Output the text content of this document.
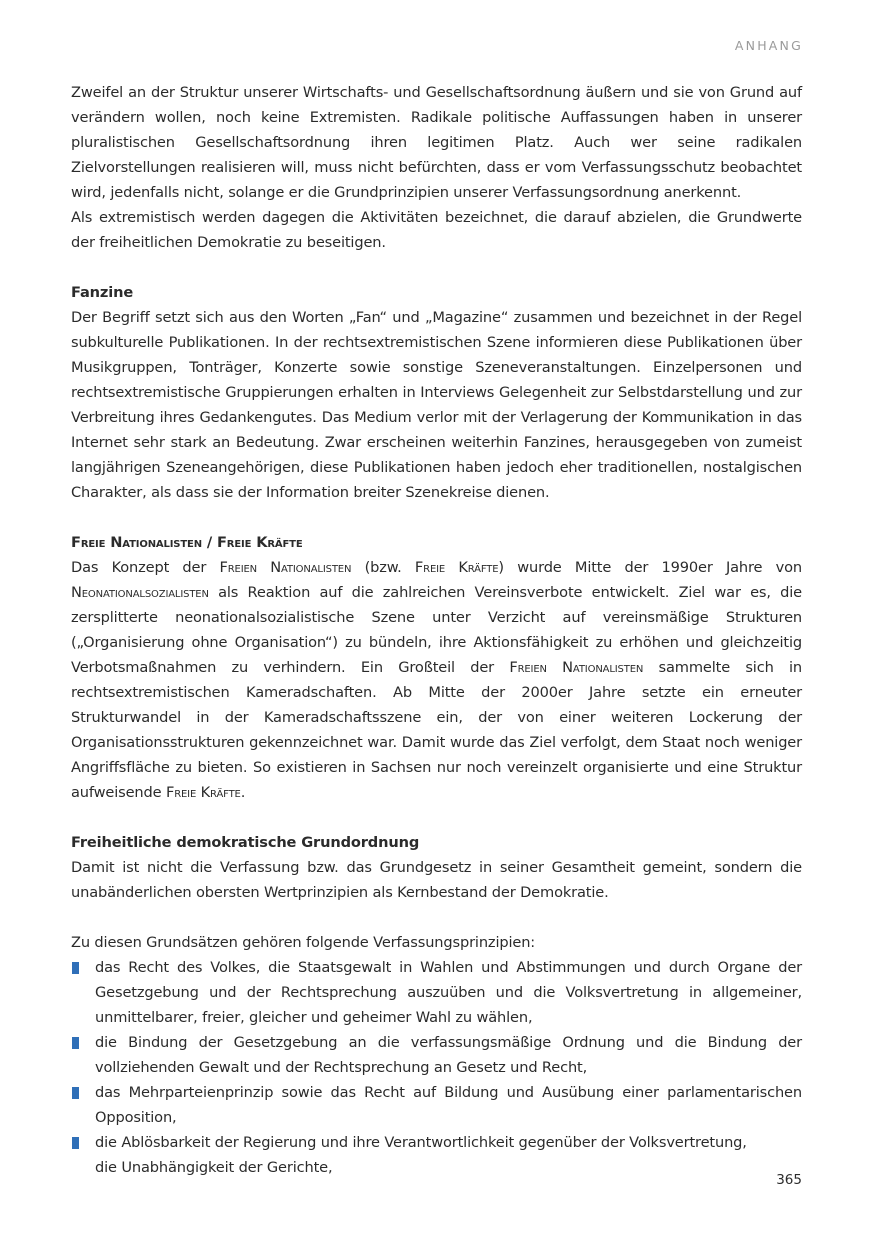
ANHANG

Zweifel an der Struktur unserer Wirtschafts- und Gesellschaftsordnung äußern und sie von Grund auf verändern wollen, noch keine Extremisten. Radikale politische Auffassungen haben in unserer pluralistischen Gesellschaftsordnung ihren legitimen Platz. Auch wer seine radikalen Zielvorstellungen realisieren will, muss nicht befürchten, dass er vom Verfassungsschutz beobachtet wird, jedenfalls nicht, solange er die Grundprinzipien unserer Verfassungsordnung anerkennt.

Als extremistisch werden dagegen die Aktivitäten bezeichnet, die darauf abzielen, die Grundwerte der freiheitlichen Demokratie zu beseitigen.

Fanzine

Der Begriff setzt sich aus den Worten „Fan“ und „Magazine“ zusammen und bezeichnet in der Regel subkulturelle Publikationen. In der rechtsextremistischen Szene informieren diese Publikationen über Musikgruppen, Tonträger, Konzerte sowie sonstige Szeneveranstaltungen. Einzelpersonen und rechtsextremistische Gruppierungen erhalten in Interviews Gelegenheit zur Selbstdarstellung und zur Verbreitung ihres Gedankengutes. Das Medium verlor mit der Verlagerung der Kommunikation in das Internet sehr stark an Bedeutung. Zwar erscheinen weiterhin Fanzines, herausgegeben von zumeist langjährigen Szeneangehörigen, diese Publikationen haben jedoch eher traditionellen, nostalgischen Charakter, als dass sie der Information breiter Szenekreise dienen.

Freie Nationalisten / Freie Kräfte

Das Konzept der Freien Nationalisten (bzw. Freie Kräfte) wurde Mitte der 1990er Jahre von Neonationalsozialisten als Reaktion auf die zahlreichen Vereinsverbote entwickelt. Ziel war es, die zersplitterte neonationalsozialistische Szene unter Verzicht auf vereinsmäßige Strukturen („Organisierung ohne Organisation“) zu bündeln, ihre Aktionsfähigkeit zu erhöhen und gleichzeitig Verbotsmaßnahmen zu verhindern. Ein Großteil der Freien Nationalisten sammelte sich in rechtsextremistischen Kameradschaften. Ab Mitte der 2000er Jahre setzte ein erneuter Strukturwandel in der Kameradschaftsszene ein, der von einer weiteren Lockerung der Organisationsstrukturen gekennzeichnet war. Damit wurde das Ziel verfolgt, dem Staat noch weniger Angriffsfläche zu bieten. So existieren in Sachsen nur noch vereinzelt organisierte und eine Struktur aufweisende Freie Kräfte.

Freiheitliche demokratische Grundordnung

Damit ist nicht die Verfassung bzw. das Grundgesetz in seiner Gesamtheit gemeint, sondern die unabänderlichen obersten Wertprinzipien als Kernbestand der Demokratie.

Zu diesen Grundsätzen gehören folgende Verfassungsprinzipien:

das Recht des Volkes, die Staatsgewalt in Wahlen und Abstimmungen und durch Organe der Gesetzgebung und der Rechtsprechung auszuüben und die Volksvertretung in allgemeiner, unmittelbarer, freier, gleicher und geheimer Wahl zu wählen,
die Bindung der Gesetzgebung an die verfassungsmäßige Ordnung und die Bindung der vollziehenden Gewalt und der Rechtsprechung an Gesetz und Recht,
das Mehrparteienprinzip sowie das Recht auf Bildung und Ausübung einer parlamentarischen Opposition,
die Ablösbarkeit der Regierung und ihre Verantwortlichkeit gegenüber der Volksvertretung,
die Unabhängigkeit der Gerichte,
365
